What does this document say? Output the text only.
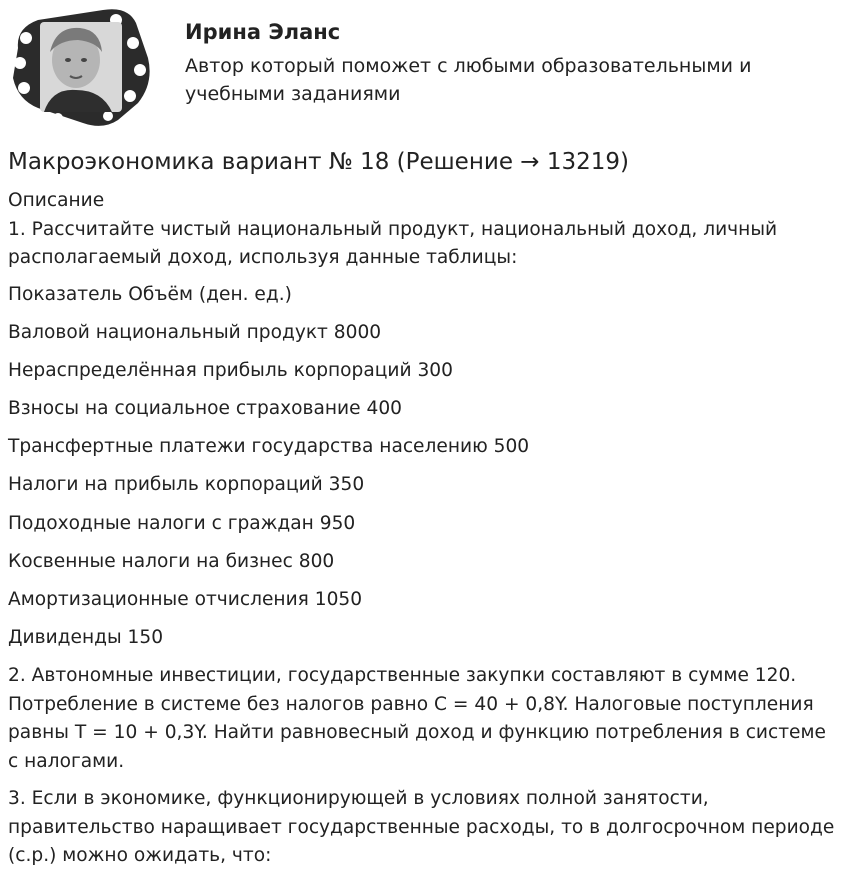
Ирина Эланс
Автор который поможет с любыми образовательными и учебными заданиями
Макроэкономика вариант № 18 (Решение → 13219)

Описание

1. Рассчитайте чистый национальный продукт, национальный доход, личный располагаемый доход, используя данные таблицы:

Показатель Объём (ден. ед.)

Валовой национальный продукт 8000

Нераспределённая прибыль корпораций 300

Взносы на социальное страхование 400

Трансфертные платежи государства населению 500

Налоги на прибыль корпораций 350

Подоходные налоги с граждан 950

Косвенные налоги на бизнес 800

Амортизационные отчисления 1050

Дивиденды 150

2. Автономные инвестиции, государственные закупки составляют в сумме 120. Потребление в системе без налогов равно С = 40 + 0,8Y. Налоговые поступления равны Т = 10 + 0,3Y. Найти равновесный доход и функцию потребления в системе с налогами.

3. Если в экономике, функционирующей в условиях полной занятости, правительство наращивает государственные расходы, то в долгосрочном периоде (с.р.) можно ожидать, что:
